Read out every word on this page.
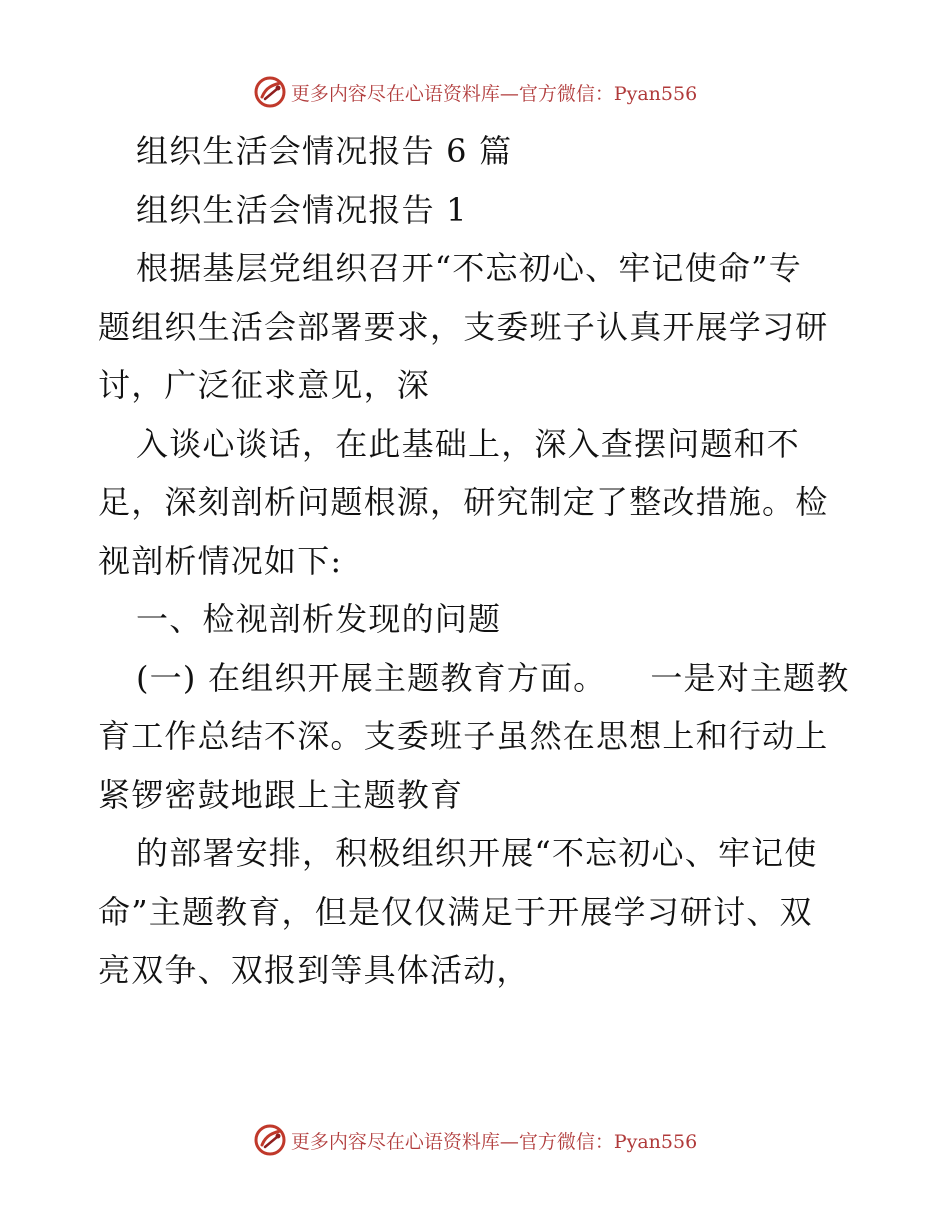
更多内容尽在心语资料库—官方微信：Pyan556
组织生活会情况报告 6 篇
组织生活会情况报告 1
根据基层党组织召开“不忘初心、牢记使命”专
题组织生活会部署要求，支委班子认真开展学习研
讨，广泛征求意见，深
入谈心谈话，在此基础上，深入查摆问题和不
足，深刻剖析问题根源，研究制定了整改措施。检
视剖析情况如下:
一、检视剖析发现的问题
(一) 在组织开展主题教育方面。 一是对主题教
育工作总结不深。支委班子虽然在思想上和行动上
紧锣密鼓地跟上主题教育
的部署安排，积极组织开展“不忘初心、牢记使
命”主题教育，但是仅仅满足于开展学习研讨、双
亮双争、双报到等具体活动，
更多内容尽在心语资料库—官方微信：Pyan556
